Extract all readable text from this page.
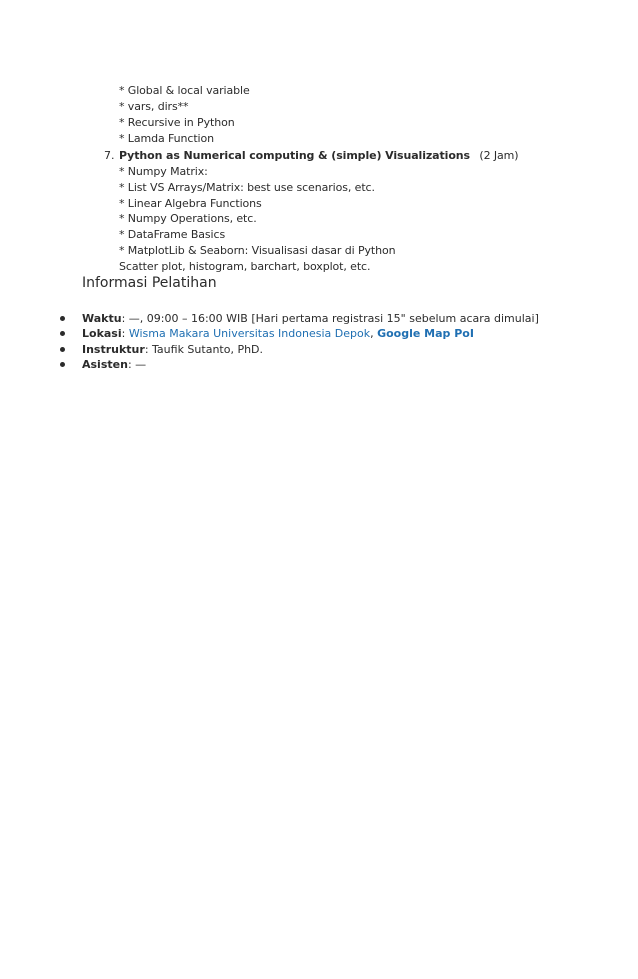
* Global & local variable
* vars, dirs**
* Recursive in Python
* Lamda Function
7. Python as Numerical computing & (simple) Visualizations (2 Jam)
* Numpy Matrix:
* List VS Arrays/Matrix: best use scenarios, etc.
* Linear Algebra Functions
* Numpy Operations, etc.
* DataFrame Basics
* MatplotLib & Seaborn: Visualisasi dasar di Python
Scatter plot, histogram, barchart, boxplot, etc.
Informasi Pelatihan
Waktu: —, 09:00 – 16:00 WIB [Hari pertama registrasi 15" sebelum acara dimulai]
Lokasi: Wisma Makara Universitas Indonesia Depok, Google Map PoI
Instruktur: Taufik Sutanto, PhD.
Asisten: —
